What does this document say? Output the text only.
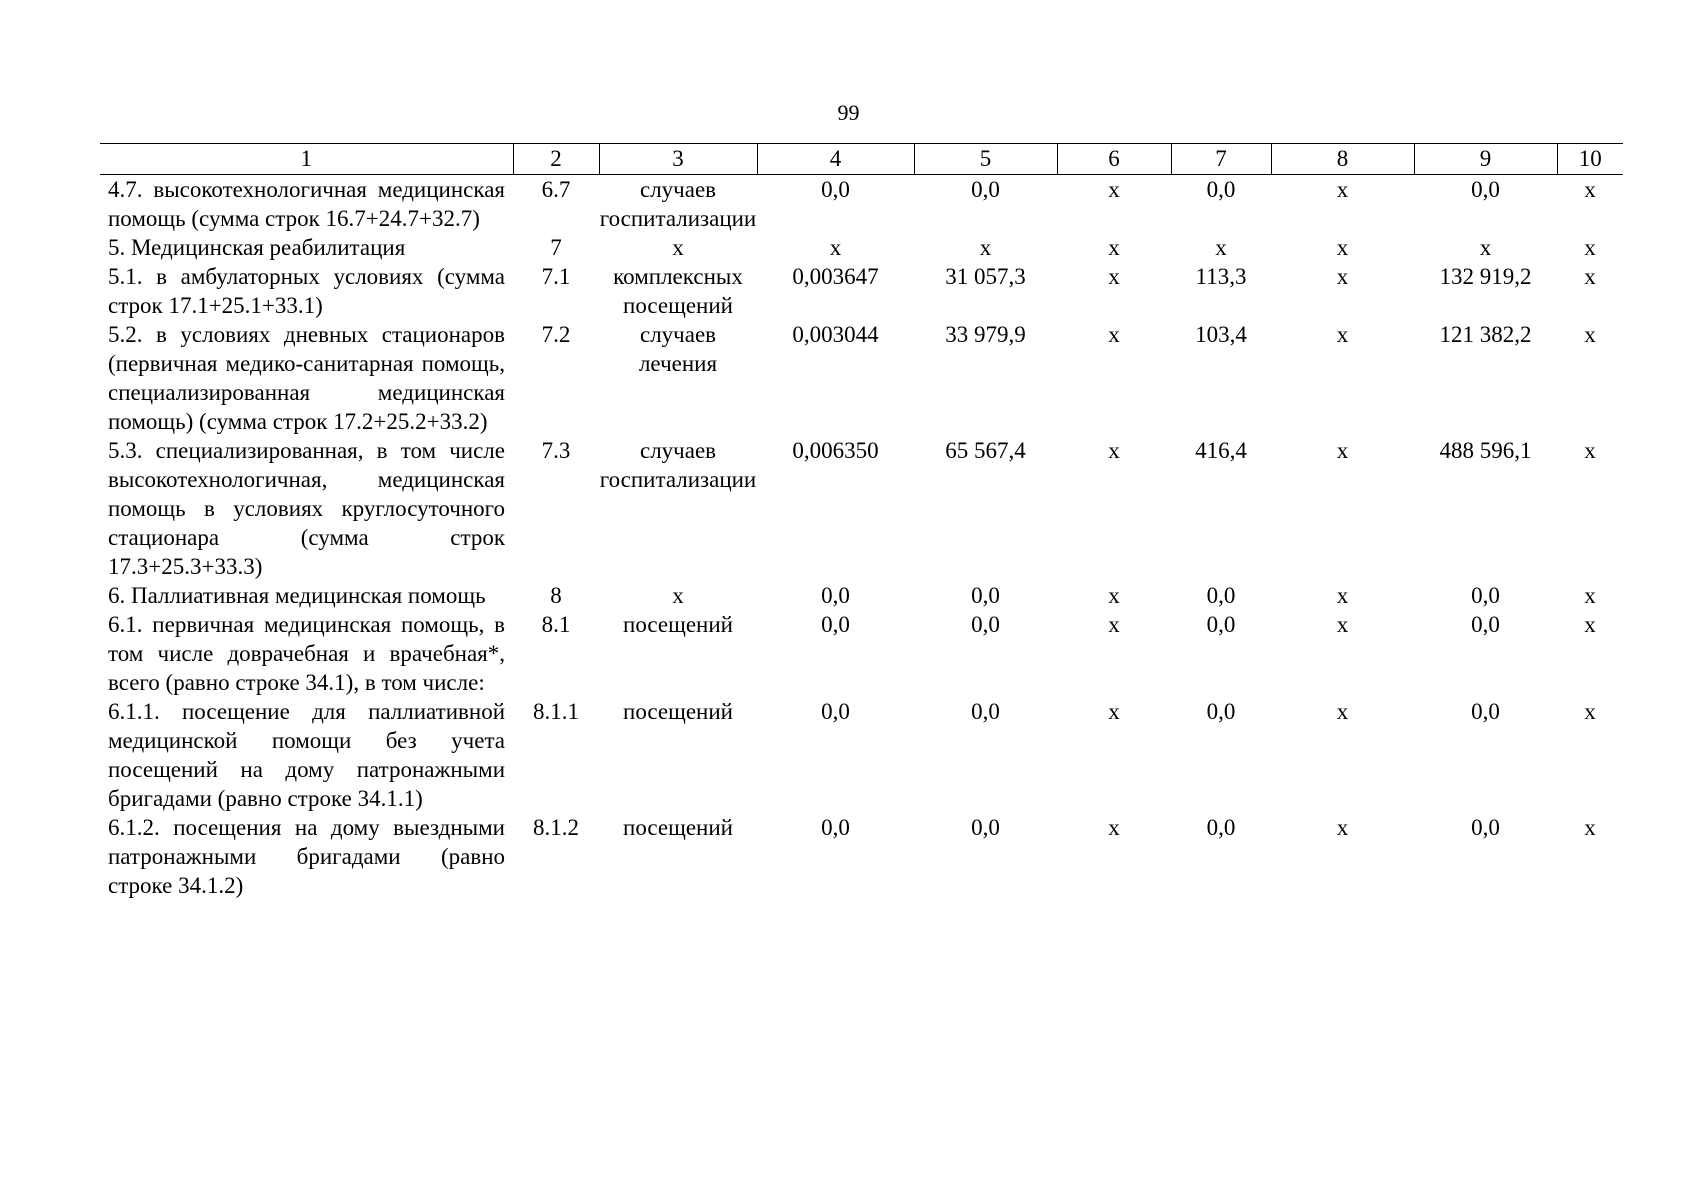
99
1	2	3	4	5	6	7	8	9	10
4.7. высокотехнологичная медицинская помощь (сумма строк 16.7+24.7+32.7)	6.7	случаев госпитализации	0,0	0,0	х	0,0	х	0,0	х
5. Медицинская реабилитация	7	х	х	х	х	х	х	х	х
5.1. в амбулаторных условиях (сумма строк 17.1+25.1+33.1)	7.1	комплексных посещений	0,003647	31 057,3	х	113,3	х	132 919,2	х
5.2. в условиях дневных стационаров (первичная медико-санитарная помощь, специализированная медицинская помощь) (сумма строк 17.2+25.2+33.2)	7.2	случаев лечения	0,003044	33 979,9	х	103,4	х	121 382,2	х
5.3. специализированная, в том числе высокотехнологичная, медицинская помощь в условиях круглосуточного стационара (сумма строк 17.3+25.3+33.3)	7.3	случаев госпитализации	0,006350	65 567,4	х	416,4	х	488 596,1	х
6. Паллиативная медицинская помощь	8	х	0,0	0,0	х	0,0	х	0,0	х
6.1. первичная медицинская помощь, в том числе доврачебная и врачебная*, всего (равно строке 34.1), в том числе:	8.1	посещений	0,0	0,0	х	0,0	х	0,0	х
6.1.1. посещение для паллиативной медицинской помощи без учета посещений на дому патронажными бригадами (равно строке 34.1.1)	8.1.1	посещений	0,0	0,0	х	0,0	х	0,0	х
6.1.2. посещения на дому выездными патронажными бригадами (равно строке 34.1.2)	8.1.2	посещений	0,0	0,0	х	0,0	х	0,0	х
